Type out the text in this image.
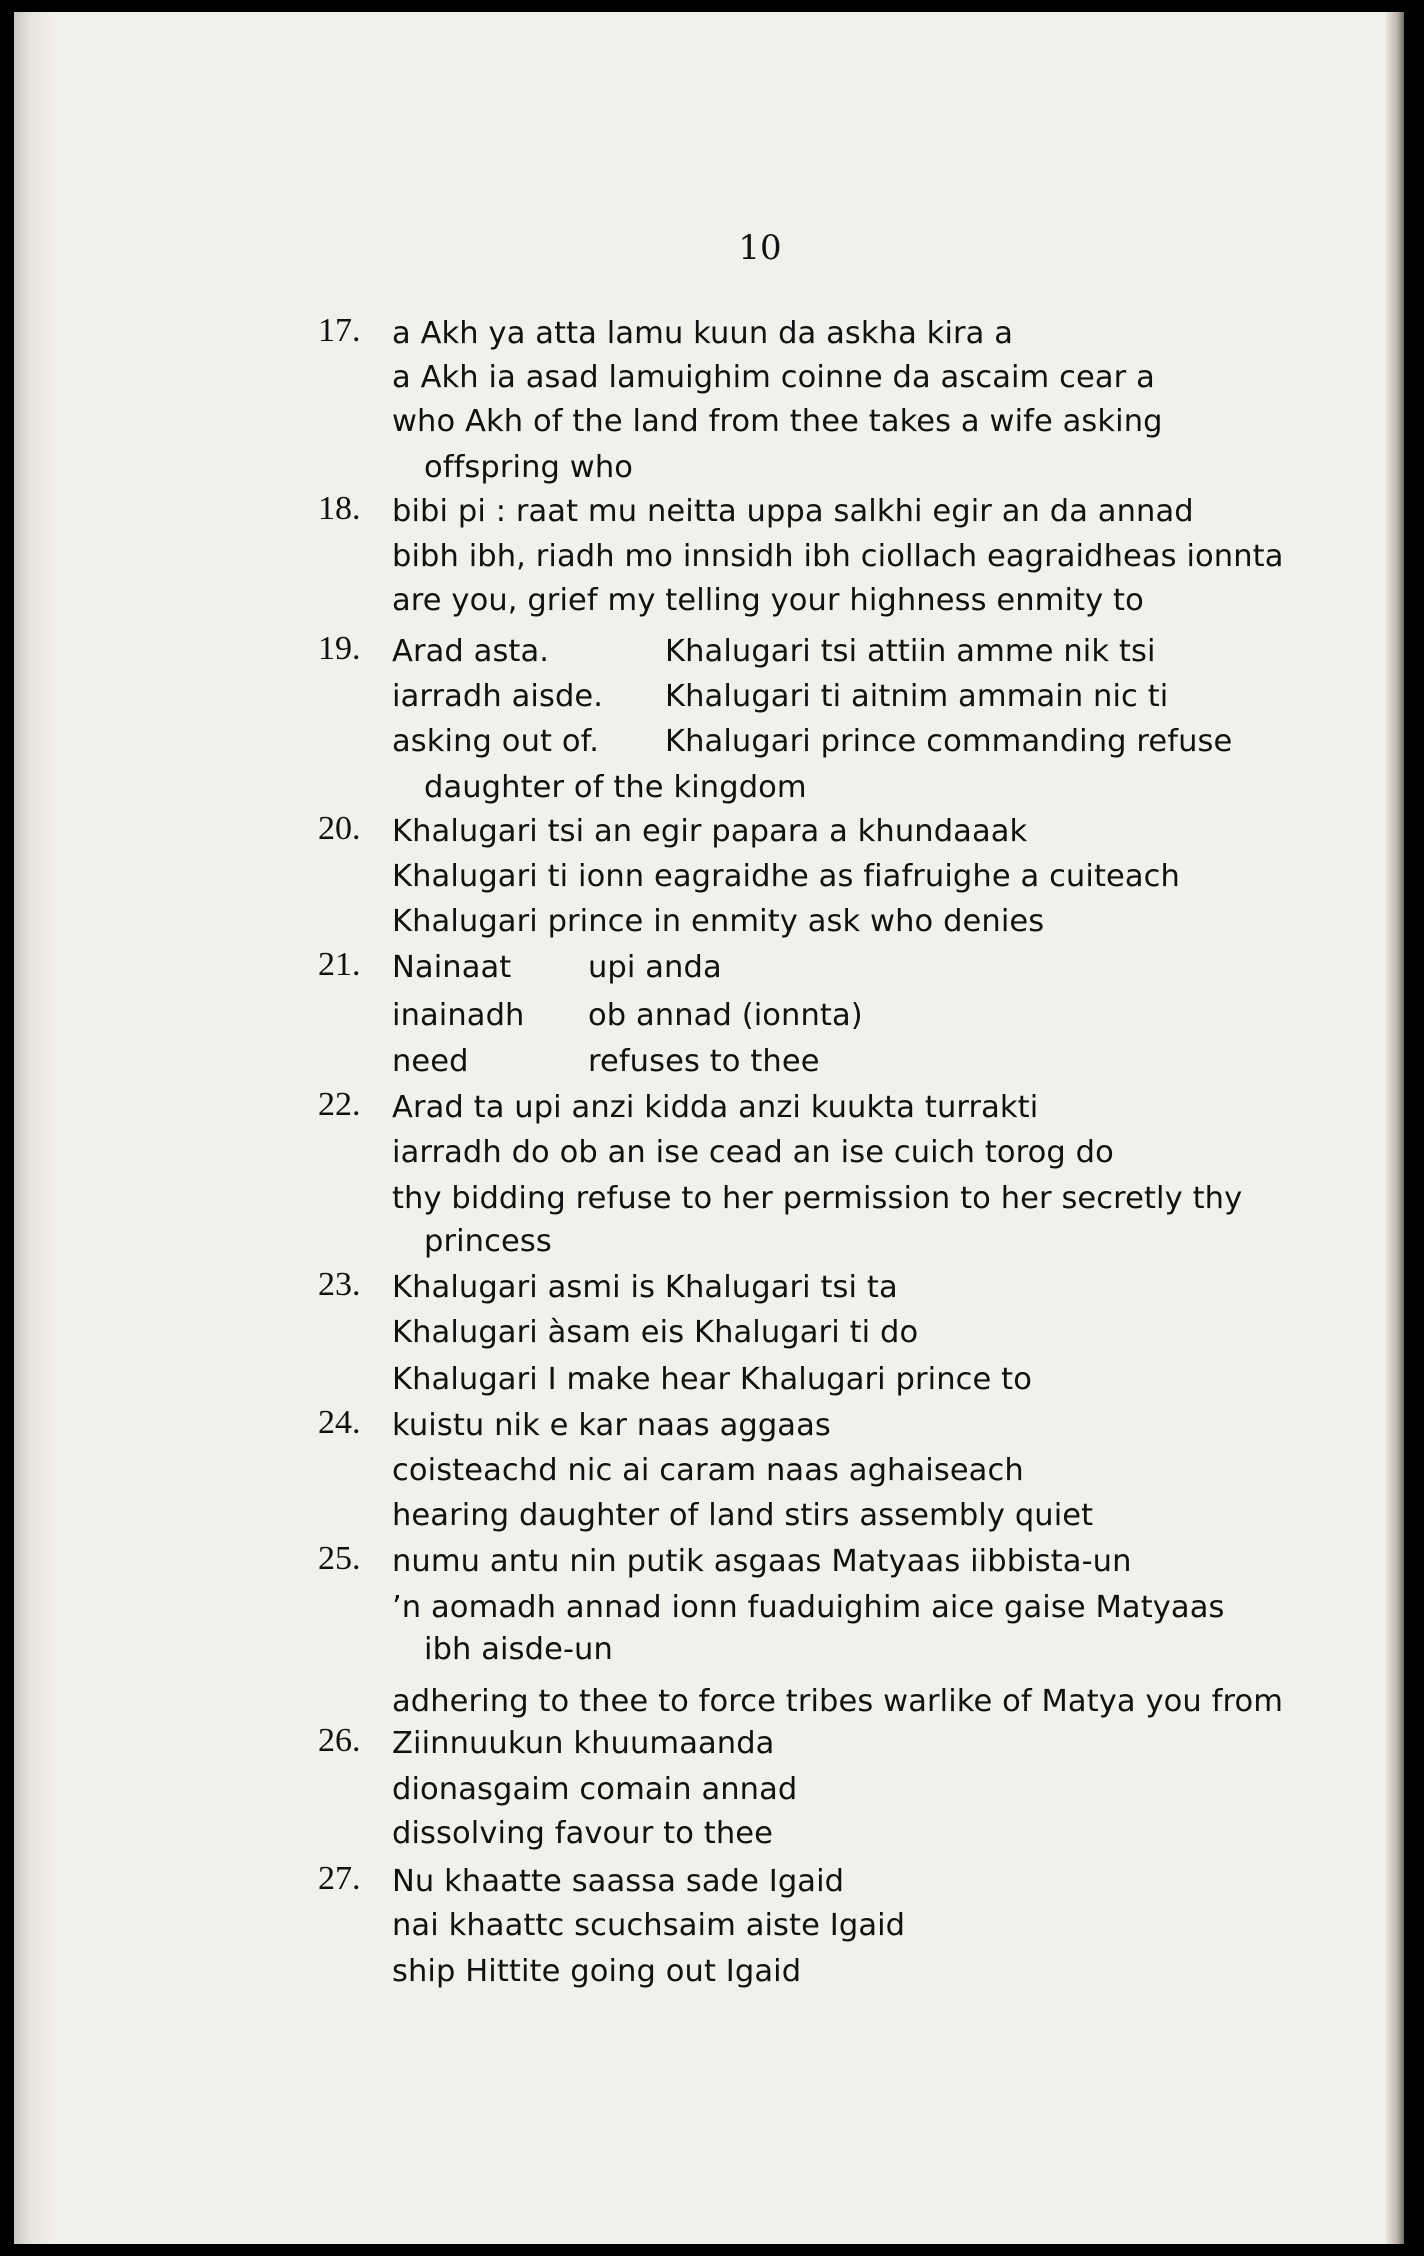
10
17. a Akh ya atta lamu kuun da askha kira a
a Akh ia asad lamuighim coinne da ascaim cear a
who Akh of the land from thee takes a wife asking
offspring who
18. bibi pi : raat mu neitta uppa salkhi egir an da annad
bibh ibh, riadh mo innsidh ibh ciollach eagraidheas ionnta
are you, grief my telling your highness enmity to
19. Arad asta.	Khalugari tsi attiin amme nik tsi
iarradh aisde. Khalugari ti aitnim ammain nic ti
asking out of. Khalugari prince commanding refuse
daughter of the kingdom
20. Khalugari tsi an egir papara a khundaaak
Khalugari ti ionn eagraidhe as fiafruighe a cuiteach
Khalugari prince in enmity ask who denies
21. Nainaat	upi anda
inainadh ob annad (ionnta)
need	refuses to thee
22. Arad ta upi anzi kidda anzi kuukta turrakti
iarradh do ob an ise cead an ise cuich torog do
thy bidding refuse to her permission to her secretly thy
princess
23. Khalugari asmi is Khalugari tsi ta
Khalugari àsam eis Khalugari ti do
Khalugari I make hear Khalugari prince to
24. kuistu nik e kar naas aggaas
coisteachd nic ai caram naas aghaiseach
hearing daughter of land stirs assembly quiet
25. numu antu nin putik asgaas Matyaas iibbista-un
’n aomadh annad ionn fuaduighim aice gaise Matyaas
ibh aisde-un
adhering to thee to force tribes warlike of Matya you from
26. Ziinnuukun khuumaanda
dionasgaim comain annad
dissolving favour to thee
27. Nu khaatte saassa sade Igaid
nai khaattc scuchsaim aiste Igaid
ship Hittite going out Igaid
